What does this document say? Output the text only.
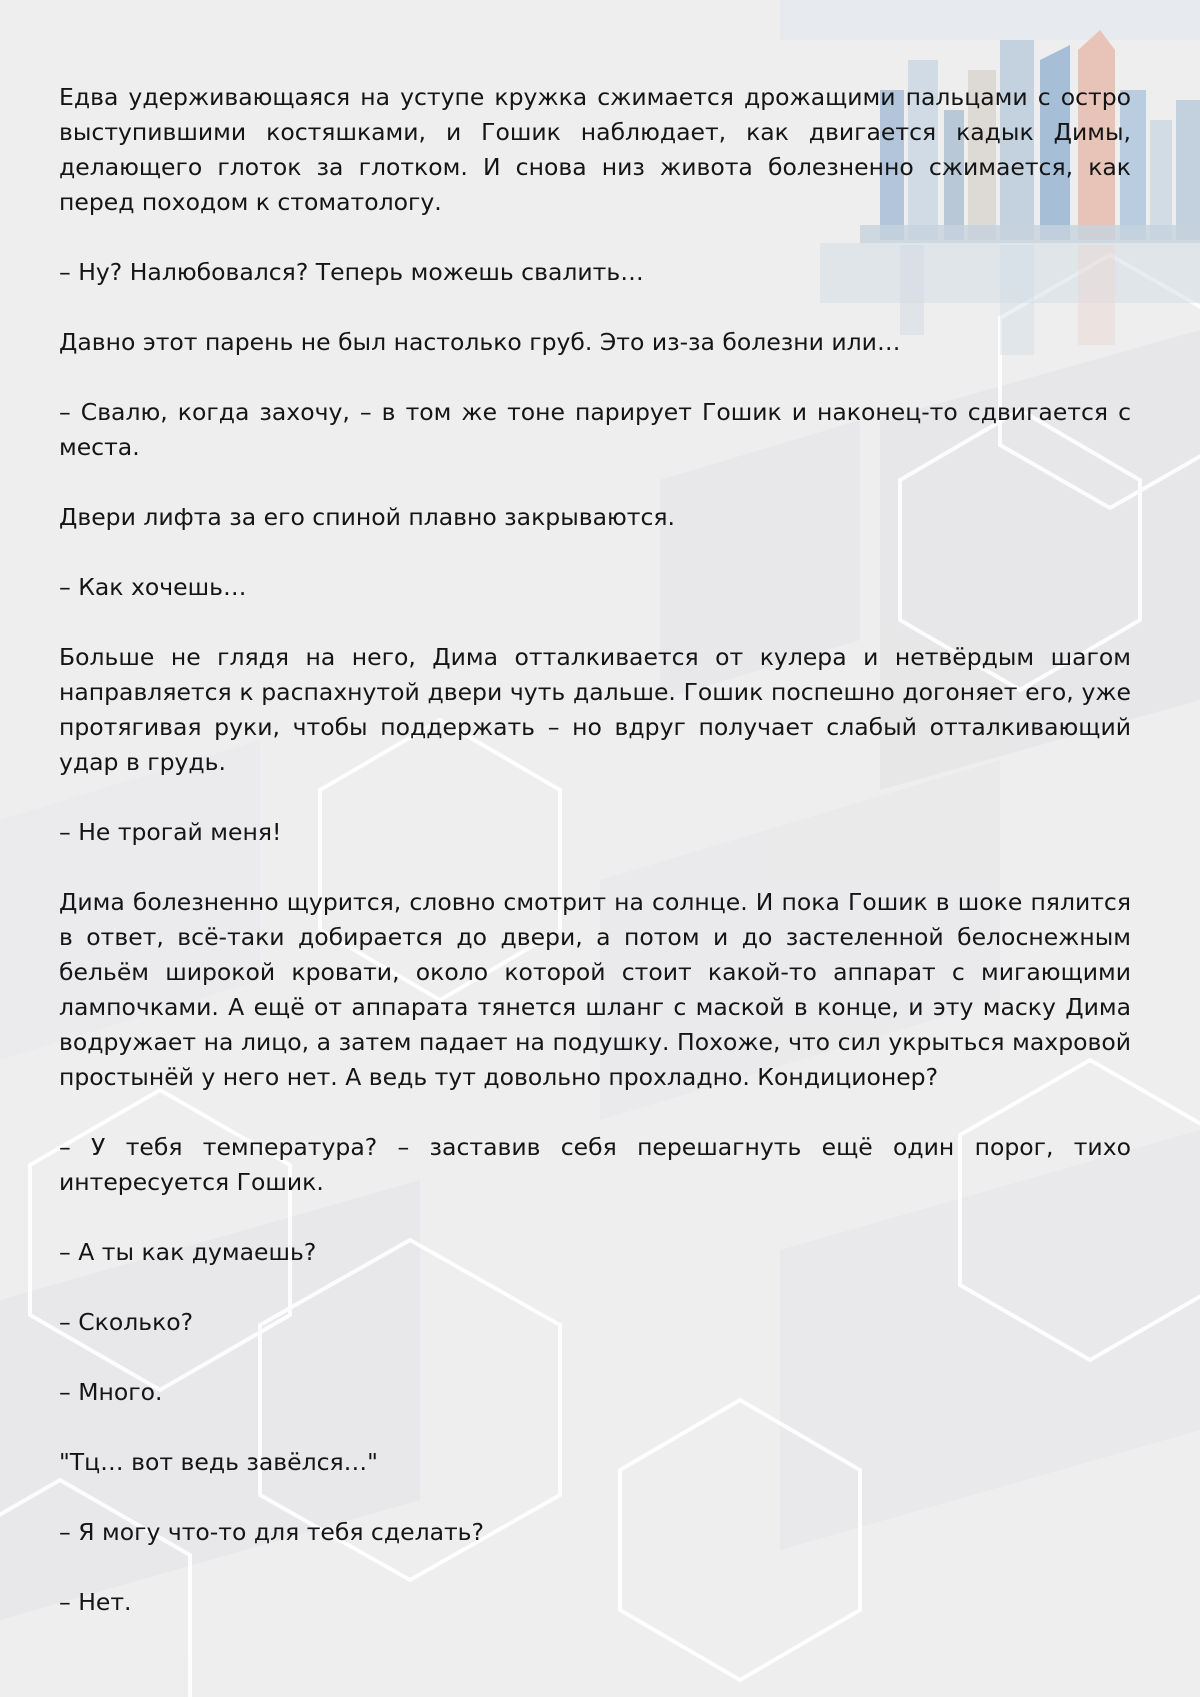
Едва удерживающаяся на уступе кружка сжимается дрожащими пальцами с остро выступившими костяшками, и Гошик наблюдает, как двигается кадык Димы, делающего глоток за глотком. И снова низ живота болезненно сжимается, как перед походом к стоматологу.

– Ну? Налюбовался? Теперь можешь свалить…

Давно этот парень не был настолько груб. Это из-за болезни или…

– Свалю, когда захочу, – в том же тоне парирует Гошик и наконец-то сдвигается с места.

Двери лифта за его спиной плавно закрываются.

– Как хочешь…

Больше не глядя на него, Дима отталкивается от кулера и нетвёрдым шагом направляется к распахнутой двери чуть дальше. Гошик поспешно догоняет его, уже протягивая руки, чтобы поддержать – но вдруг получает слабый отталкивающий удар в грудь.

– Не трогай меня!

Дима болезненно щурится, словно смотрит на солнце. И пока Гошик в шоке пялится в ответ, всё-таки добирается до двери, а потом и до застеленной белоснежным бельём широкой кровати, около которой стоит какой-то аппарат с мигающими лампочками. А ещё от аппарата тянется шланг с маской в конце, и эту маску Дима водружает на лицо, а затем падает на подушку. Похоже, что сил укрыться махровой простынёй у него нет. А ведь тут довольно прохладно. Кондиционер?

– У тебя температура? – заставив себя перешагнуть ещё один порог, тихо интересуется Гошик.

– А ты как думаешь?

– Сколько?

– Много.

"Тц… вот ведь завёлся…"

– Я могу что-то для тебя сделать?

– Нет.
